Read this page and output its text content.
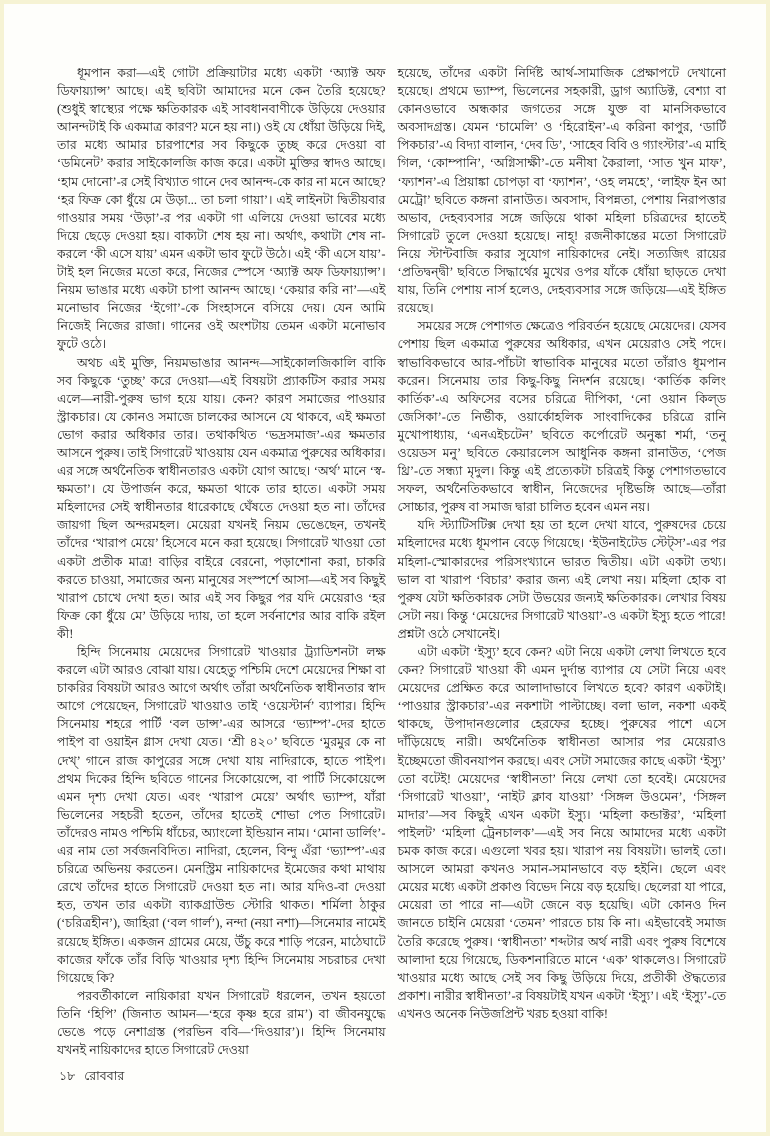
ধূমপান করা—এই গোটা প্রক্রিয়াটার মধ্যে একটা ‘অ্যাক্ট অফ ডিফায়্যান্স’ আছে। এই ছবিটা আমাদের মনে কেন তৈরি হয়েছে? (শুধুই স্বাস্থ্যের পক্ষে ক্ষতিকারক এই সাবধানবাণীকে উড়িয়ে দেওয়ার আনন্দটাই কি একমাত্র কারণ? মনে হয় না।) ওই যে ধোঁয়া উড়িয়ে দিই, তার মধ্যে আমার চারপাশের সব কিছুকে তুচ্ছ করে দেওয়া বা ‘ডমিনেট’ করার সাইকোলজি কাজ করে। একটা মুক্তির স্বাদও আছে। ‘হাম দোনো’-র সেই বিখ্যাত গানে দেব আনন্দ-কে কার না মনে আছে? ‘হর ফিক্র কো ধুঁয়ে মে উড়া... তা চলা গায়া’। এই লাইনটা দ্বিতীয়বার গাওয়ার সময় ‘উড়া’-র পর একটা গা এলিয়ে দেওয়া ভাবের মধ্যে দিয়ে ছেড়ে দেওয়া হয়। বাক্যটা শেষ হয় না। অর্থাৎ, কথাটা শেষ না-করলে ‘কী এসে যায়’ এমন একটা ভাব ফুটে উঠে। এই ‘কী এসে যায়’-টাই হল নিজের মতো করে, নিজের স্পেসে ‘অ্যাক্ট অফ ডিফায়্যান্স’। নিয়ম ভাঙার মধ্যে একটা চাপা আনন্দ আছে। ‘কেয়ার করি না’—এই মনোভাব নিজের ‘ইগো’-কে সিংহাসনে বসিয়ে দেয়। যেন আমি নিজেই নিজের রাজা। গানের ওই অংশটায় তেমন একটা মনোভাব ফুটে ওঠে।

অথচ এই মুক্তি, নিয়মভাঙার আনন্দ—সাইকোলজিকালি বাকি সব কিছুকে ‘তুচ্ছ’ করে দেওয়া—এই বিষয়টা প্র্যাকটিস করার সময় এলে—নারী-পুরুষ ভাগ হয়ে যায়। কেন? কারণ সমাজের পাওয়ার স্ট্রাকচার। যে কোনও সমাজে চালকের আসনে যে থাকবে, এই ক্ষমতা ভোগ করার অধিকার তার। তথাকথিত ‘ভদ্রসমাজ’-এর ক্ষমতার আসনে পুরুষ। তাই সিগারেট খাওয়ায় যেন একমাত্র পুরুষের অধিকার। এর সঙ্গে অর্থনৈতিক স্বাধীনতারও একটা যোগ আছে। ‘অর্থ’ মানে ‘স্ব-ক্ষমতা’। যে উপার্জন করে, ক্ষমতা থাকে তার হাতে। একটা সময় মহিলাদের সেই স্বাধীনতার ধারেকাছে ঘেঁষতে দেওয়া হত না। তাঁদের জায়গা ছিল অন্দরমহল। মেয়েরা যখনই নিয়ম ভেঙেছেন, তখনই তাঁদের ‘খারাপ মেয়ে’ হিসেবে মনে করা হয়েছে। সিগারেট খাওয়া তো একটা প্রতীক মাত্র! বাড়ির বাইরে বেরনো, পড়াশোনা করা, চাকরি করতে চাওয়া, সমাজের অন্য মানুষের সংস্পর্শে আসা—এই সব কিছুই খারাপ চোখে দেখা হত। আর এই সব কিছুর পর যদি মেয়েরাও ‘হর ফিক্র কো ধুঁয়ে মে’ উড়িয়ে দ্যায়, তা হলে সর্বনাশের আর বাকি রইল কী!

হিন্দি সিনেমায় মেয়েদের সিগারেট খাওয়ার ট্র্যাডিশনটা লক্ষ করলে এটা আরও বোঝা যায়। যেহেতু পশ্চিমি দেশে মেয়েদের শিক্ষা বা চাকরির বিষয়টা আরও আগে অর্থাৎ তাঁরা অর্থনৈতিক স্বাধীনতার স্বাদ আগে পেয়েছেন, সিগারেট খাওয়াও তাই ‘ওয়েস্টার্ন’ ব্যাপার। হিন্দি সিনেমায় শহরে পার্টি ‘বল ডান্স’-এর আসরে ‘ভ্যাম্প’-দের হাতে পাইপ বা ওয়াইন গ্লাস দেখা যেত। ‘শ্রী ৪২০’ ছবিতে ‘মুরমুর কে না দেখ্‌’ গানে রাজ কাপুরের সঙ্গে দেখা যায় নাদিরাকে, হাতে পাইপ। প্রথম দিকের হিন্দি ছবিতে গানের সিকোয়েন্সে, বা পার্টি সিকোয়েন্সে এমন দৃশ্য দেখা যেত। এবং ‘খারাপ মেয়ে’ অর্থাৎ ভ্যাম্প, যাঁরা ভিলেনের সহচরী হতেন, তাঁদের হাতেই শোভা পেত সিগারেট। তাঁদেরও নামও পশ্চিমি ধাঁচের, অ্যাংলো ইন্ডিয়ান নাম। ‘মোনা ডার্লিং’-এর নাম তো সর্বজনবিদিত। নাদিরা, হেলেন, বিন্দু এঁরা ‘ভ্যাম্প’-এর চরিত্রে অভিনয় করতেন। মেনস্ট্রিম নায়িকাদের ইমেজের কথা মাথায় রেখে তাঁদের হাতে সিগারেট দেওয়া হত না। আর যদিও-বা দেওয়া হত, তখন তার একটা ব্যাকগ্রাউন্ড স্টোরি থাকত। শর্মিলা ঠাকুর (‘চরিত্রহীন’), জাহিরা (‘বল গার্ল’), নন্দা (নয়া নশা)—সিনেমার নামেই রয়েছে ইঙ্গিত। একজন গ্রামের মেয়ে, উঁচু করে শাড়ি পরেন, মাঠেঘাটে কাজের ফাঁকে তাঁর বিড়ি খাওয়ার দৃশ্য হিন্দি সিনেমায় সচরাচর দেখা গিয়েছে কি?

পরবর্তীকালে নায়িকারা যখন সিগারেট ধরলেন, তখন হয়তো তিনি ‘হিপি’ (জিনাত আমন—‘হরে কৃষ্ণ হরে রাম’) বা জীবনযুদ্ধে ভেঙে পড়ে নেশাগ্রস্ত (পরভিন ববি—‘দিওয়ার’)। হিন্দি সিনেমায় যখনই নায়িকাদের হাতে সিগারেট দেওয়া

হয়েছে, তাঁদের একটা নির্দিষ্ট আর্থ-সামাজিক প্রেক্ষাপটে দেখানো হয়েছে। প্রথমে ভ্যাম্প, ভিলেনের সহকারী, ড্রাগ অ্যাডিক্ট, বেশ্যা বা কোনওভাবে অন্ধকার জগতের সঙ্গে যুক্ত বা মানসিকভাবে অবসাদগ্রস্ত। যেমন ‘চামেলি’ ও ‘হিরোইন’-এ করিনা কাপুর, ‘ডার্টি পিকচার’-এ বিদ্যা বালান, ‘দেব ডি’, ‘সাহেব বিবি ও গ্যাংস্টার’-এ মাহি গিল, ‘কোম্পানি’, ‘অগ্নিসাক্ষী’-তে মনীষা কৈরালা, ‘সাত খুন মাফ’, ‘ফ্যাশন’-এ প্রিয়াঙ্কা চোপড়া বা ‘ফ্যাশন’, ‘ওহ লমহে’, ‘লাইফ ইন আ মেট্রো’ ছবিতে কঙ্গনা রানাউত। অবসাদ, বিপন্নতা, পেশায় নিরাপত্তার অভাব, দেহব্যবসার সঙ্গে জড়িয়ে থাকা মহিলা চরিত্রদের হাতেই সিগারেট তুলে দেওয়া হয়েছে। নাহ্‌! রজনীকান্তের মতো সিগারেট নিয়ে স্টান্টবাজি করার সুযোগ নায়িকাদের নেই। সত্যজিৎ রায়ের ‘প্রতিদ্বন্দ্বী’ ছবিতে সিদ্ধার্থের মুখের ওপর যাঁকে ধোঁয়া ছাড়তে দেখা যায়, তিনি পেশায় নার্স হলেও, দেহব্যবসার সঙ্গে জড়িয়ে—এই ইঙ্গিত রয়েছে।

সময়ের সঙ্গে পেশাগত ক্ষেত্রেও পরিবর্তন হয়েছে মেয়েদের। যেসব পেশায় ছিল একমাত্র পুরুষের অধিকার, এখন মেয়েরাও সেই পদে। স্বাভাবিকভাবে আর-পাঁচটা স্বাভাবিক মানুষের মতো তাঁরাও ধূমপান করেন। সিনেমায় তার কিছু-কিছু নিদর্শন রয়েছে। ‘কার্তিক কলিং কার্তিক’-এ অফিসের বসের চরিত্রে দীপিকা, ‘নো ওয়ান কিল্‌ড জেসিকা’-তে নির্ভীক, ওয়ার্কোহলিক সাংবাদিকের চরিত্রে রানি মুখোপাধ্যায়, ‘এনএইচটেন’ ছবিতে কর্পোরেট অনুষ্কা শর্মা, ‘তনু ওয়েডস মনু’ ছবিতে কেয়ারলেস আধুনিক কঙ্গনা রানাউত, ‘পেজ থ্রি’-তে সন্ধ্যা মৃদুল। কিন্তু এই প্রত্যেকটা চরিত্রই কিন্তু পেশাগতভাবে সফল, অর্থনৈতিকভাবে স্বাধীন, নিজেদের দৃষ্টিভঙ্গি আছে—তাঁরা সোচ্চার, পুরুষ বা সমাজ দ্বারা চালিত হবেন এমন নয়।

যদি স্ট্যাটিসটিক্স দেখা হয় তা হলে দেখা যাবে, পুরুষদের চেয়ে মহিলাদের মধ্যে ধূমপান বেড়ে গিয়েছে। ‘ইউনাইটেড স্টেট্‌স’-এর পর মহিলা-স্মোকারদের পরিসংখ্যানে ভারত দ্বিতীয়। এটা একটা তথ্য। ভাল বা খারাপ ‘বিচার’ করার জন্য এই লেখা নয়। মহিলা হোক বা পুরুষ যেটা ক্ষতিকারক সেটা উভয়ের জন্যই ক্ষতিকারক। লেখার বিষয় সেটা নয়। কিন্তু ‘মেয়েদের সিগারেট খাওয়া’-ও একটা ইস্যু হতে পারে! প্রশ্নটা ওঠে সেখানেই।

এটা একটা ‘ইস্যু’ হবে কেন? এটা নিয়ে একটা লেখা লিখতে হবে কেন? সিগারেট খাওয়া কী এমন দুর্দান্ত ব্যাপার যে সেটা নিয়ে এবং মেয়েদের প্রেক্ষিত করে আলাদাভাবে লিখতে হবে? কারণ একটাই। ‘পাওয়ার স্ট্রাকচার’-এর নকশাটা পাল্টাচ্ছে। বলা ভাল, নকশা একই থাকছে, উপাদানগুলোর হেরফের হচ্ছে। পুরুষের পাশে এসে দাঁড়িয়েছে নারী। অর্থনৈতিক স্বাধীনতা আসার পর মেয়েরাও ইচ্ছেমতো জীবনযাপন করছে। এবং সেটা সমাজের কাছে একটা ‘ইস্যু’ তো বটেই! মেয়েদের ‘স্বাধীনতা’ নিয়ে লেখা তো হবেই। মেয়েদের ‘সিগারেট খাওয়া’, ‘নাইট ক্লাব যাওয়া’ ‘সিঙ্গল উওমেন’, ‘সিঙ্গল মাদার’—সব কিছুই এখন একটা ইস্যু। ‘মহিলা কন্ডাক্টর’, ‘মহিলা পাইলট’ ‘মহিলা ট্রেনচালক’—এই সব নিয়ে আমাদের মধ্যে একটা চমক কাজ করে। এগুলো খবর হয়। খারাপ নয় বিষয়টা। ভালই তো। আসলে আমরা কখনও সমান-সমানভাবে বড় হইনি। ছেলে এবং মেয়ের মধ্যে একটা প্রকাণ্ড বিভেদ নিয়ে বড় হয়েছি। ছেলেরা যা পারে, মেয়েরা তা পারে না—এটা জেনে বড় হয়েছি। এটা কোনও দিন জানতে চাইনি মেয়েরা ‘তেমন’ পারতে চায় কি না। এইভাবেই সমাজ তৈরি করেছে পুরুষ। ‘স্বাধীনতা’ শব্দটার অর্থ নারী এবং পুরুষ বিশেষে আলাদা হয়ে গিয়েছে, ডিকশনারিতে মানে ‘এক’ থাকলেও। সিগারেট খাওয়ার মধ্যে আছে সেই সব কিছু উড়িয়ে দিয়ে, প্রতীকী ঔদ্ধত্যের প্রকাশ। নারীর স্বাধীনতা’-র বিষয়টাই যখন একটা ‘ইস্যু’। এই ‘ইস্যু’-তে এখনও অনেক নিউজপ্রিন্ট খরচ হওয়া বাকি!

১৮ রোববার
